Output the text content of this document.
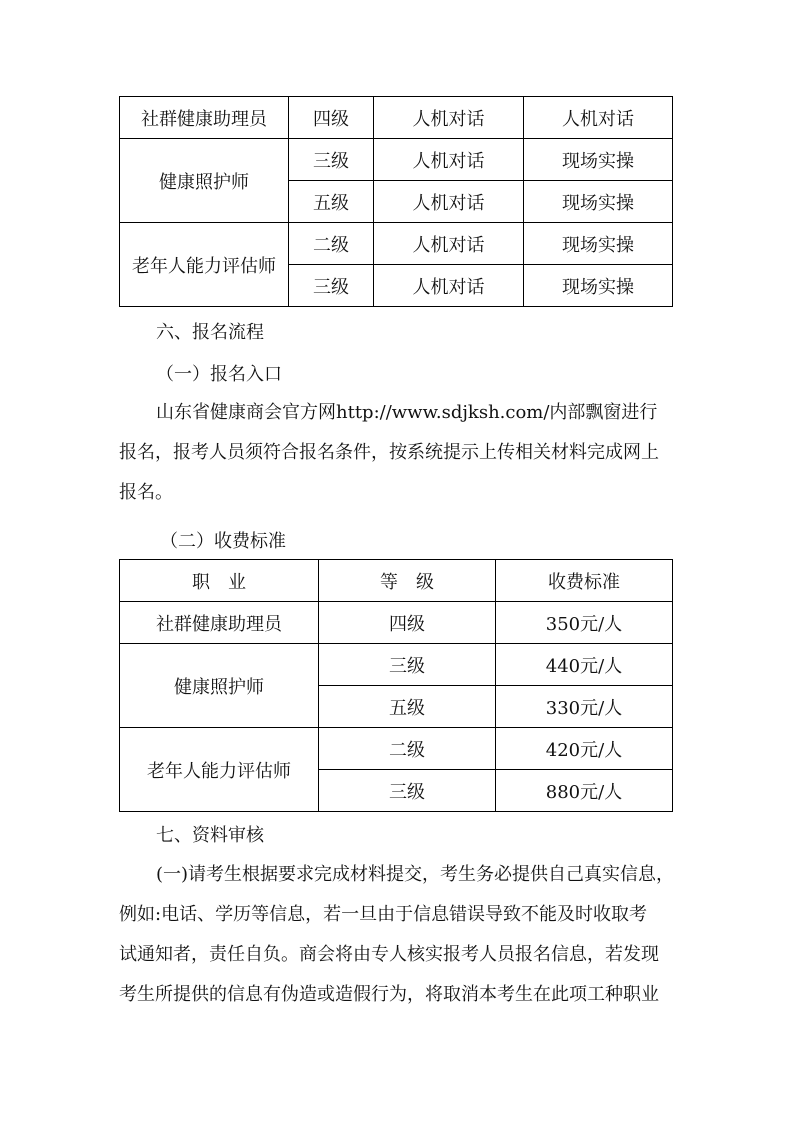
社群健康助理员	四级	人机对话	人机对话
健康照护师	三级	人机对话	现场实操
	五级	人机对话	现场实操
老年人能力评估师	二级	人机对话	现场实操
	三级	人机对话	现场实操
六、报名流程
（一）报名入口
山东省健康商会官方网http://www.sdjksh.com/内部飘窗进行
报名，报考人员须符合报名条件，按系统提示上传相关材料完成网上
报名。
（二）收费标准
职　业	等　级	收费标准
社群健康助理员	四级	350元/人
健康照护师	三级	440元/人
	五级	330元/人
老年人能力评估师	二级	420元/人
	三级	880元/人
七、资料审核
(一)请考生根据要求完成材料提交，考生务必提供自己真实信息，
例如:电话、学历等信息，若一旦由于信息错误导致不能及时收取考
试通知者，责任自负。商会将由专人核实报考人员报名信息，若发现
考生所提供的信息有伪造或造假行为，将取消本考生在此项工种职业
